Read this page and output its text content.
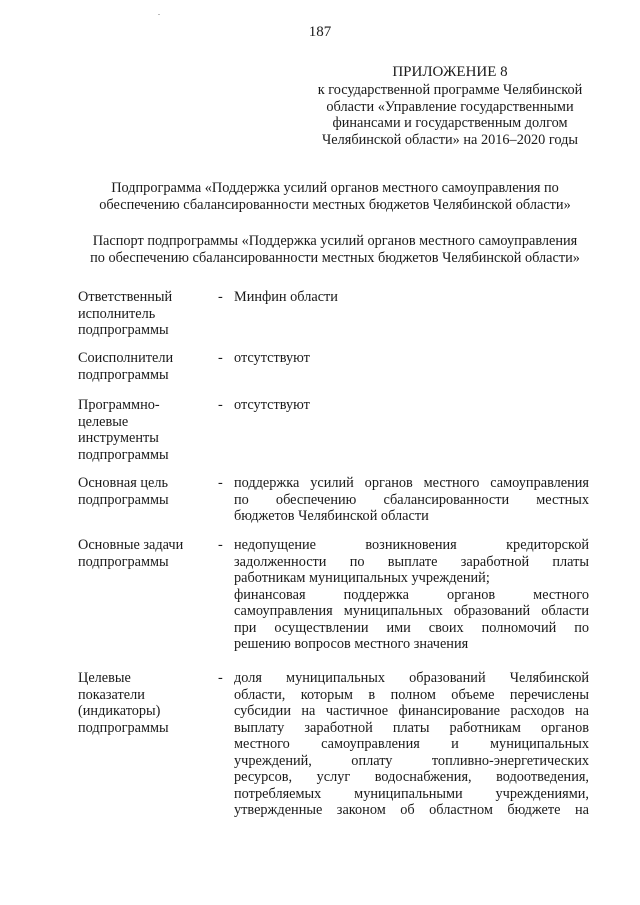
187
ПРИЛОЖЕНИЕ 8
к государственной программе Челябинской
области «Управление государственными
финансами и государственным долгом
Челябинской области» на 2016–2020 годы
Подпрограмма «Поддержка усилий органов местного самоуправления по
обеспечению сбалансированности местных бюджетов Челябинской области»
Паспорт подпрограммы «Поддержка усилий органов местного самоуправления
по обеспечению сбалансированности местных бюджетов Челябинской области»
Ответственный
исполнитель
подпрограммы
- Минфин области
Соисполнители
подпрограммы
- отсутствуют
Программно-
целевые
инструменты
подпрограммы
- отсутствуют
Основная цель
подпрограммы
- поддержка усилий органов местного самоуправления
по обеспечению сбалансированности местных
бюджетов Челябинской области
Основные задачи
подпрограммы
- недопущение возникновения кредиторской
задолженности по выплате заработной платы
работникам муниципальных учреждений;
финансовая поддержка органов местного
самоуправления муниципальных образований области
при осуществлении ими своих полномочий по
решению вопросов местного значения
Целевые
показатели
(индикаторы)
подпрограммы
- доля муниципальных образований Челябинской
области, которым в полном объеме перечислены
субсидии на частичное финансирование расходов на
выплату заработной платы работникам органов
местного самоуправления и муниципальных
учреждений, оплату топливно-энергетических
ресурсов, услуг водоснабжения, водоотведения,
потребляемых муниципальными учреждениями,
утвержденные законом об областном бюджете на
